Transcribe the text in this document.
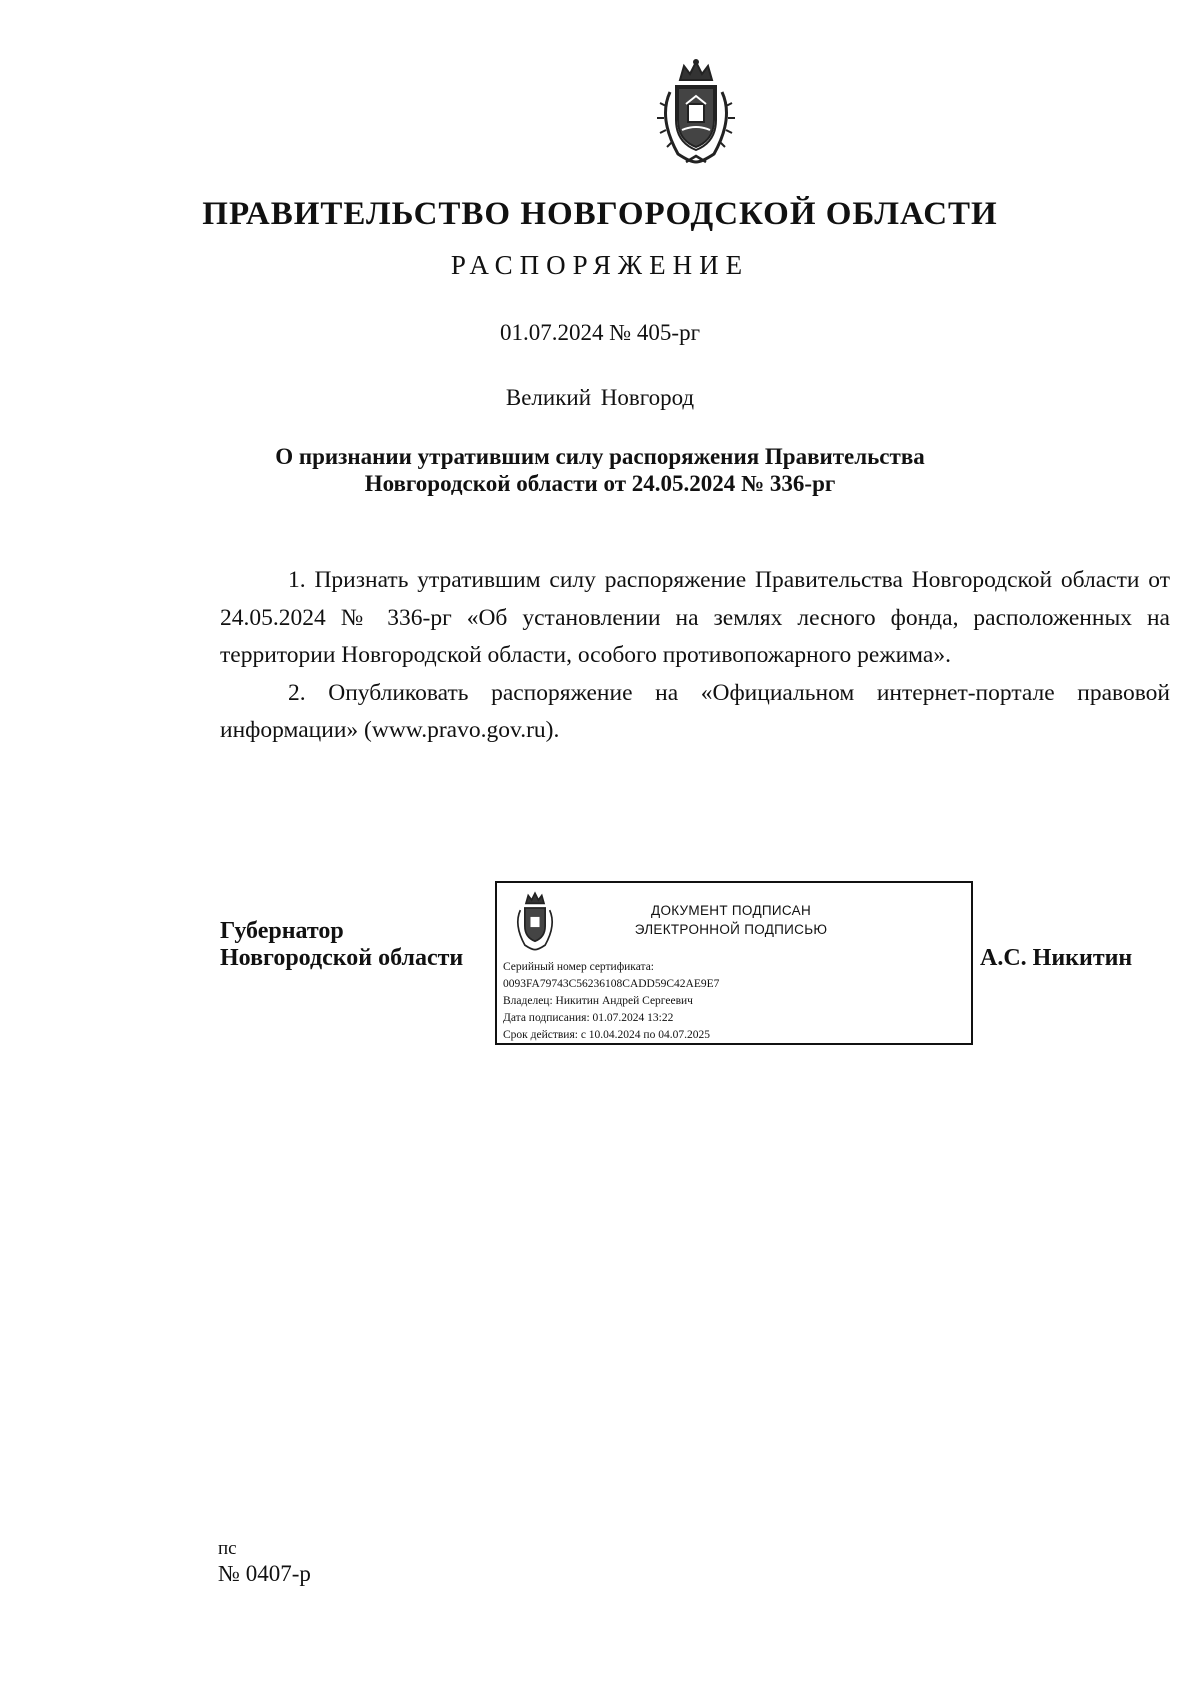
ПРАВИТЕЛЬСТВО НОВГОРОДСКОЙ ОБЛАСТИ
РАСПОРЯЖЕНИЕ
01.07.2024 № 405-рг
Великий Новгород
О признании утратившим силу распоряжения Правительства
Новгородской области от 24.05.2024 № 336-рг

1. Признать утратившим силу распоряжение Правительства Новгородской области от 24.05.2024 № 336-рг «Об установлении на землях лесного фонда, расположенных на территории Новгородской области, особого противопожарного режима».

2. Опубликовать распоряжение на «Официальном интернет-портале правовой информации» (www.pravo.gov.ru).

Губернатор
Новгородской области
ДОКУМЕНТ ПОДПИСАН
ЭЛЕКТРОННОЙ ПОДПИСЬЮ
Серийный номер сертификата:
0093FA79743C56236108CADD59C42AE9E7
Владелец: Никитин Андрей Сергеевич
Дата подписания: 01.07.2024 13:22
Срок действия: с 10.04.2024 по 04.07.2025
А.С. Никитин
пс
№ 0407-р
